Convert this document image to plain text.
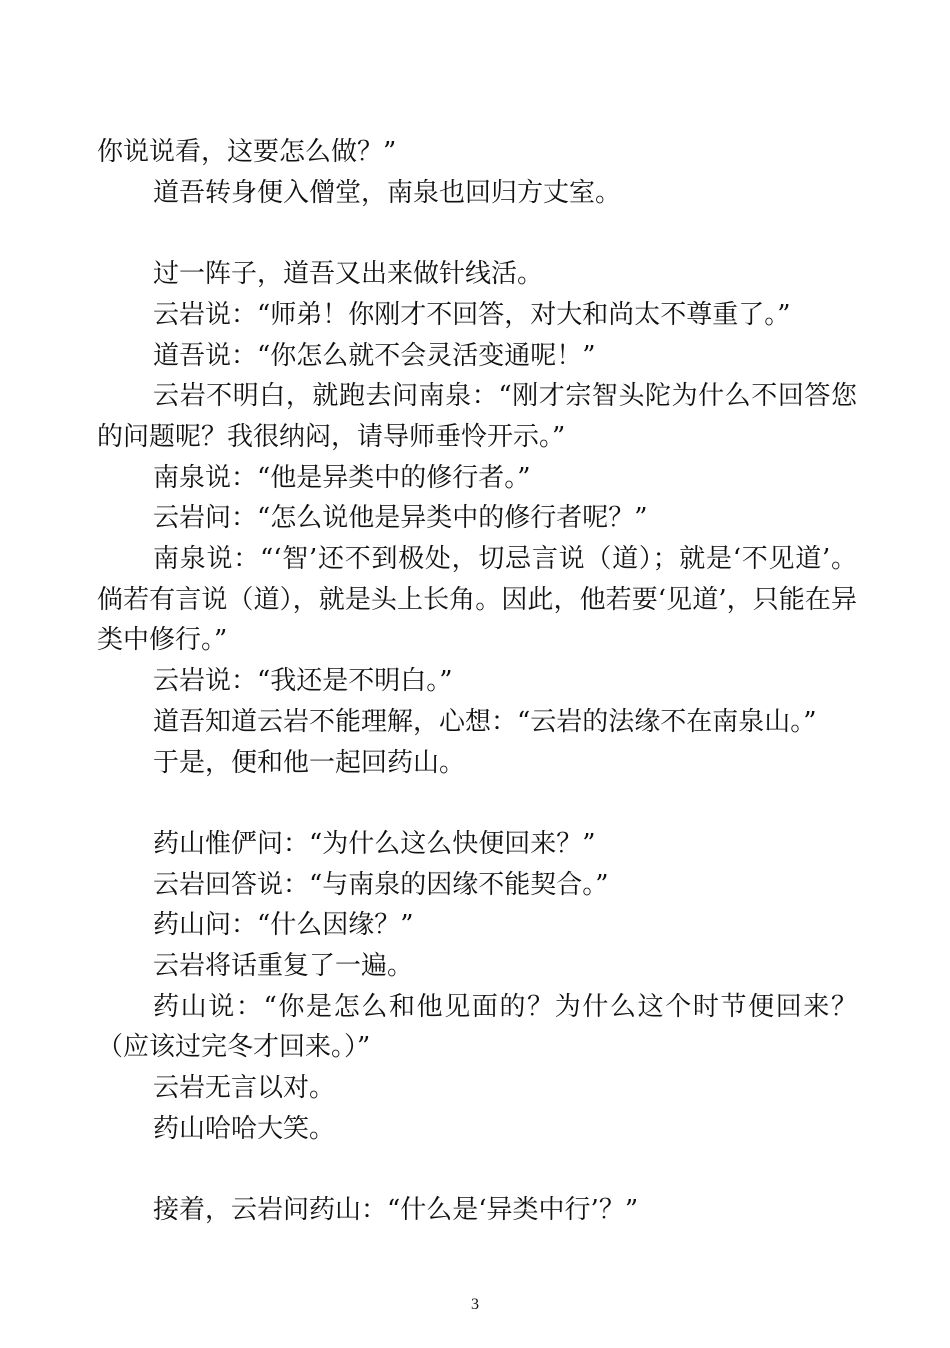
你说说看，这要怎么做？”

道吾转身便入僧堂，南泉也回归方丈室。

过一阵子，道吾又出来做针线活。

云岩说：“师弟！你刚才不回答，对大和尚太不尊重了。”

道吾说：“你怎么就不会灵活变通呢！”

云岩不明白，就跑去问南泉：“刚才宗智头陀为什么不回答您的问题呢？我很纳闷，请导师垂怜开示。”

南泉说：“他是异类中的修行者。”

云岩问：“怎么说他是异类中的修行者呢？”

南泉说：“‘智’还不到极处，切忌言说（道）；就是‘不见道’。倘若有言说（道），就是头上长角。因此，他若要‘见道’，只能在异类中修行。”

云岩说：“我还是不明白。”

道吾知道云岩不能理解，心想：“云岩的法缘不在南泉山。”

于是，便和他一起回药山。

药山惟俨问：“为什么这么快便回来？”

云岩回答说：“与南泉的因缘不能契合。”

药山问：“什么因缘？”

云岩将话重复了一遍。

药山说：“你是怎么和他见面的？为什么这个时节便回来？（应该过完冬才回来。）”

云岩无言以对。

药山哈哈大笑。

接着，云岩问药山：“什么是‘异类中行’？”

3
